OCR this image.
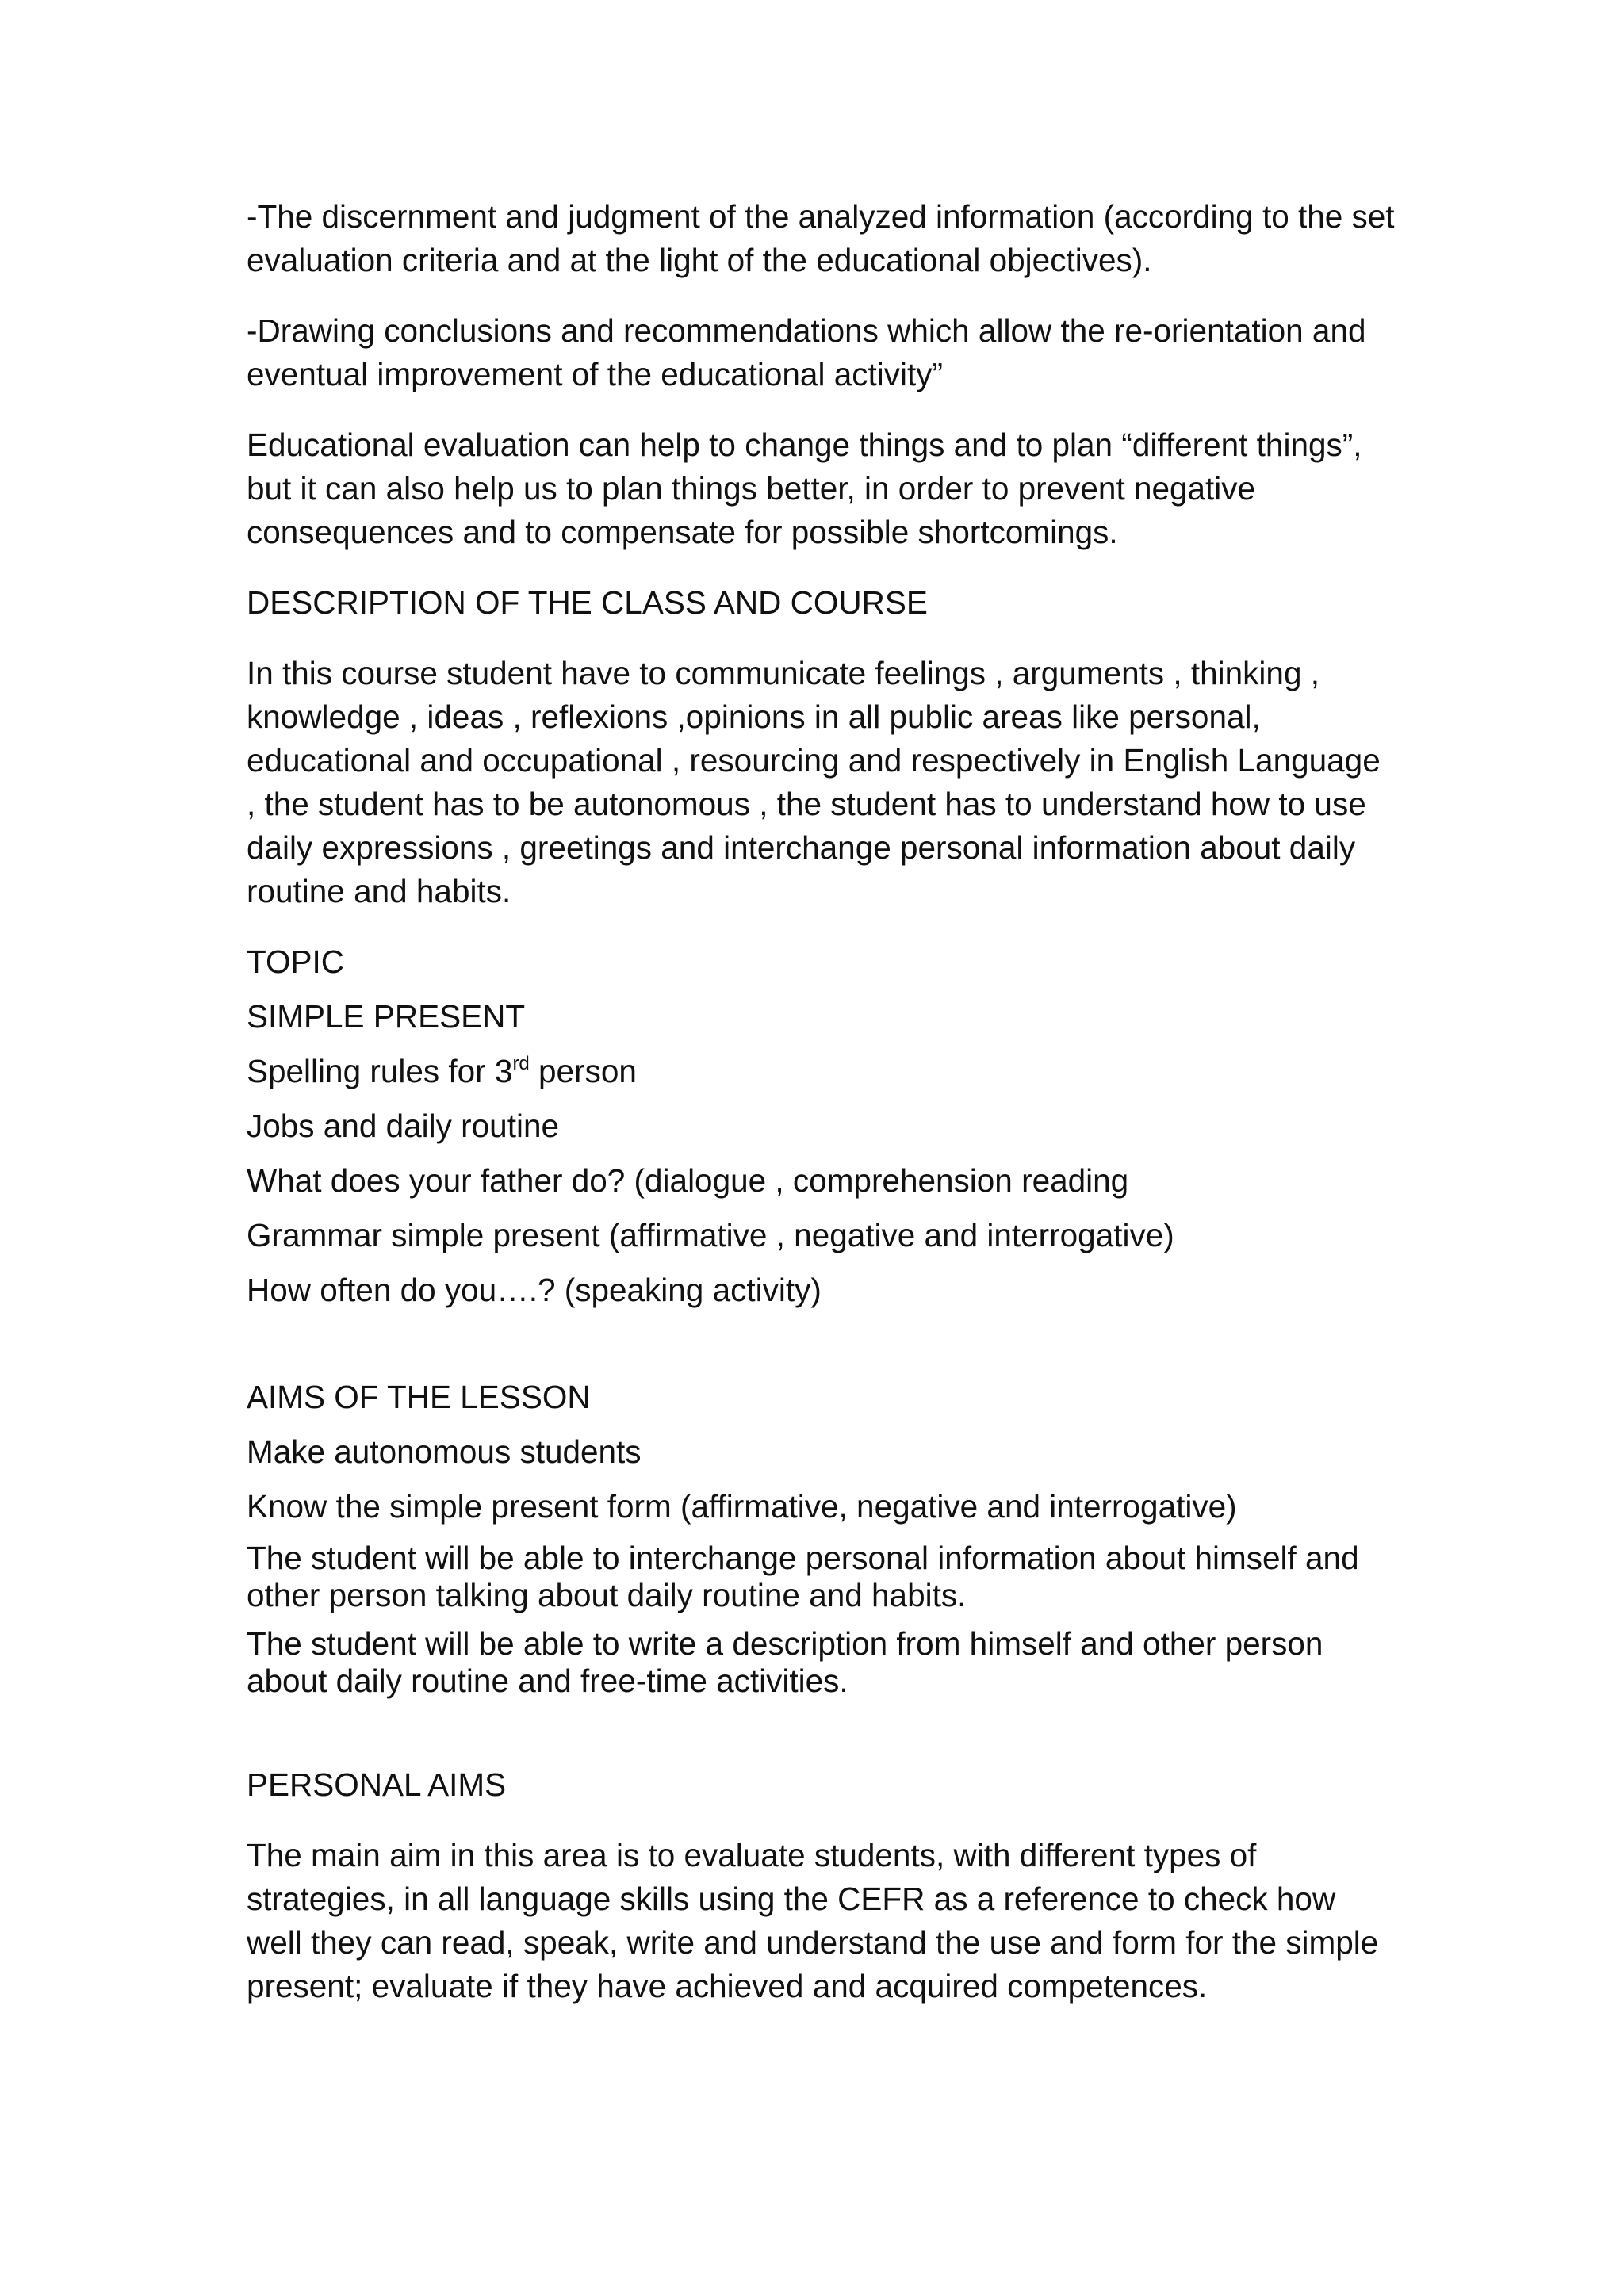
-The discernment and judgment of the analyzed information (according to the set evaluation criteria and at the light of the educational objectives).

-Drawing conclusions and recommendations which allow the re-orientation and eventual improvement of the educational activity”

Educational evaluation can help to change things and to plan “different things”, but it can also help us to plan things better, in order to prevent negative consequences and to compensate for possible shortcomings.

DESCRIPTION OF THE CLASS AND COURSE

In this course student have to communicate feelings , arguments , thinking , knowledge , ideas , reflexions ,opinions in all public areas like personal, educational and occupational , resourcing and respectively in English Language , the student has to be autonomous , the student has to understand how to use daily expressions , greetings and interchange personal information about daily routine and habits.

TOPIC

SIMPLE PRESENT

Spelling rules for 3rd person

Jobs and daily routine

What does your father do? (dialogue , comprehension reading

Grammar simple present (affirmative , negative and interrogative)

How often do you….? (speaking activity)

AIMS OF THE LESSON

Make autonomous students

Know the simple present form (affirmative, negative and interrogative)

The student will be able to interchange personal information about himself and other person talking about daily routine and habits.

The student will be able to write a description from himself and other person about daily routine and free-time activities.

PERSONAL AIMS

The main aim in this area is to evaluate students, with different types of strategies, in all language skills using the CEFR as a reference to check how well they can read, speak, write and understand the use and form for the simple present; evaluate if they have achieved and acquired competences.
